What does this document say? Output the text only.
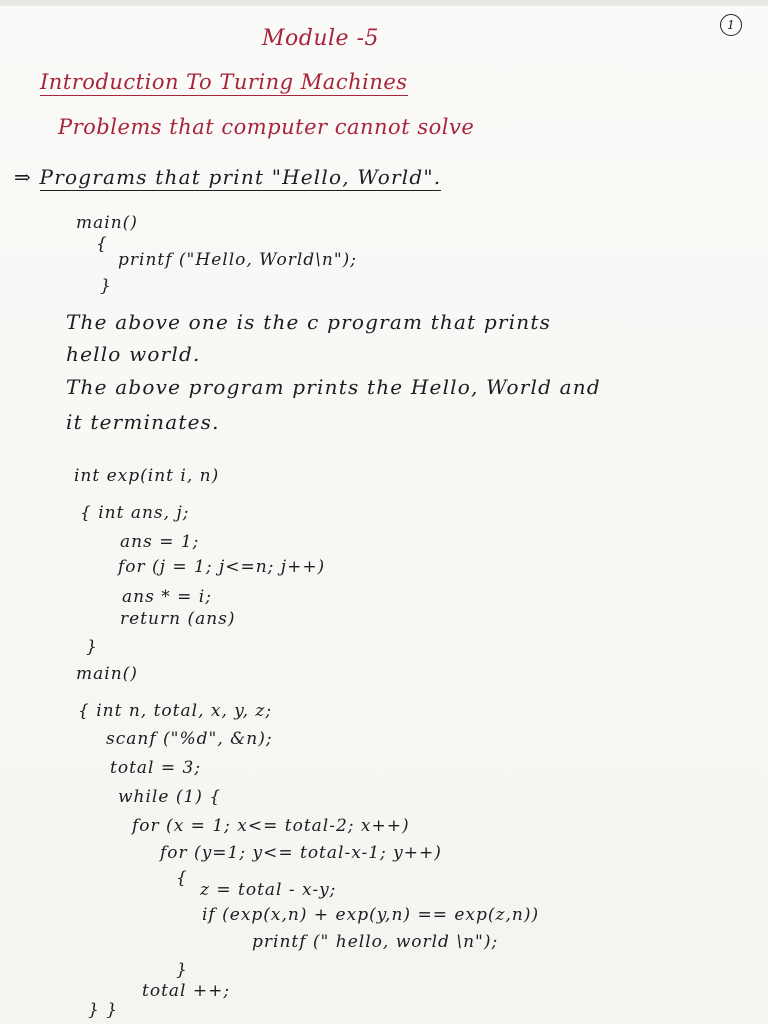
1
Module -5
Introduction To Turing Machines
Problems that computer cannot solve
⇒ Programs that print "Hello, World".
main()
{
printf ("Hello, World\n");
}
The above one is the c program that prints
hello world.
The above program prints the Hello, World and
it terminates.
int exp(int i, n)
{ int ans, j;
ans = 1;
for (j = 1; j<=n; j++)
ans * = i;
return (ans)
}
main()
{ int n, total, x, y, z;
scanf ("%d", &n);
total = 3;
while (1) {
for (x = 1; x<= total-2; x++)
for (y=1; y<= total-x-1; y++)
{
z = total - x-y;
if (exp(x,n) + exp(y,n) == exp(z,n))
printf (" hello, world \n");
}
total ++;
} }
